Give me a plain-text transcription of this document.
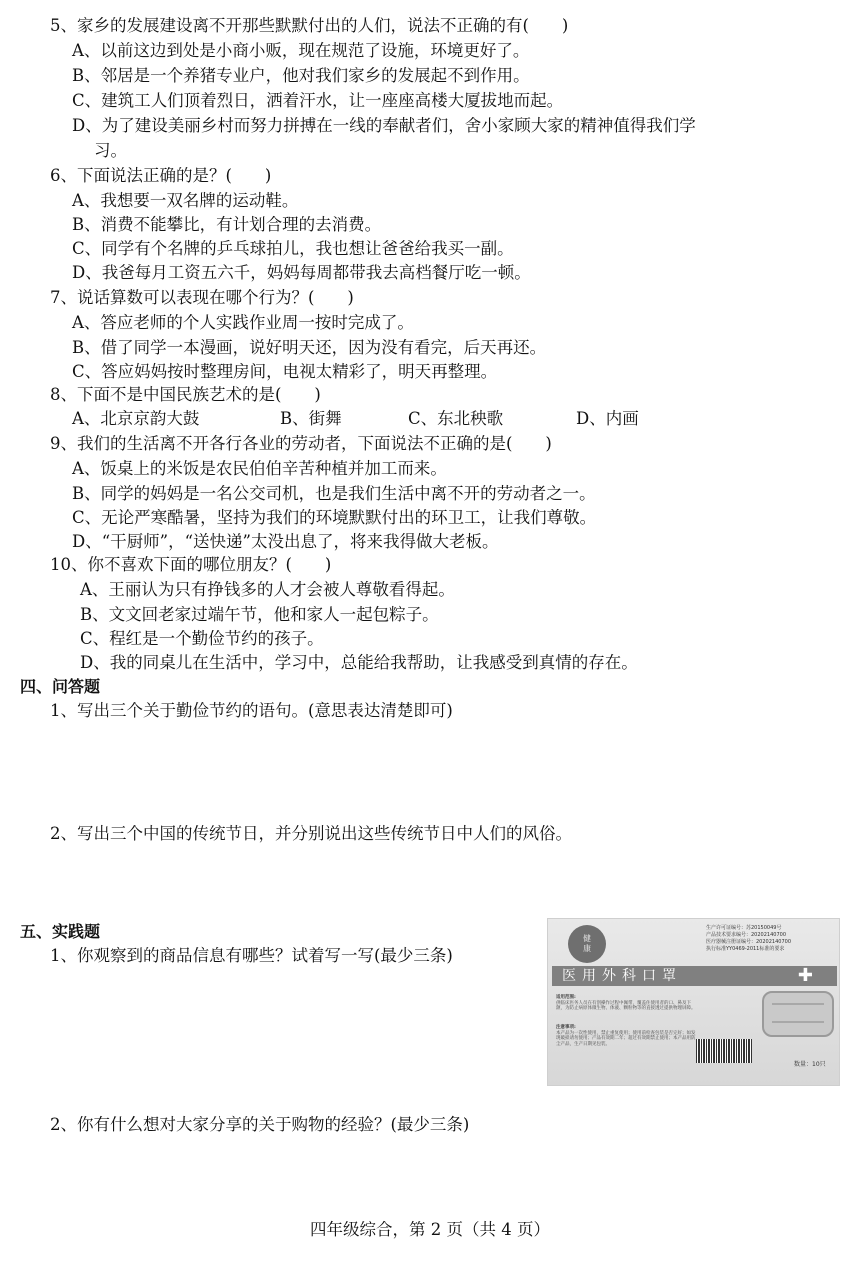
5、家乡的发展建设离不开那些默默付出的人们，说法不正确的有(　　)
A、以前这边到处是小商小贩，现在规范了设施，环境更好了。
B、邻居是一个养猪专业户，他对我们家乡的发展起不到作用。
C、建筑工人们顶着烈日，洒着汗水，让一座座高楼大厦拔地而起。
D、为了建设美丽乡村而努力拼搏在一线的奉献者们，舍小家顾大家的精神值得我们学
习。
6、下面说法正确的是？(　　)
A、我想要一双名牌的运动鞋。
B、消费不能攀比，有计划合理的去消费。
C、同学有个名牌的乒乓球拍儿，我也想让爸爸给我买一副。
D、我爸每月工资五六千，妈妈每周都带我去高档餐厅吃一顿。
7、说话算数可以表现在哪个行为？(　　)
A、答应老师的个人实践作业周一按时完成了。
B、借了同学一本漫画，说好明天还，因为没有看完，后天再还。
C、答应妈妈按时整理房间，电视太精彩了，明天再整理。
8、下面不是中国民族艺术的是(　　)
A、北京京韵大鼓	B、街舞	C、东北秧歌	D、内画
9、我们的生活离不开各行各业的劳动者，下面说法不正确的是(　　)
A、饭桌上的米饭是农民伯伯辛苦种植并加工而来。
B、同学的妈妈是一名公交司机，也是我们生活中离不开的劳动者之一。
C、无论严寒酷暑，坚持为我们的环境默默付出的环卫工，让我们尊敬。
D、“干厨师”，“送快递”太没出息了，将来我得做大老板。
10、你不喜欢下面的哪位朋友？(　　)
A、王丽认为只有挣钱多的人才会被人尊敬看得起。
B、文文回老家过端午节，他和家人一起包粽子。
C、程红是一个勤俭节约的孩子。
D、我的同桌儿在生活中，学习中，总能给我帮助，让我感受到真情的存在。
四、问答题
1、写出三个关于勤俭节约的语句。(意思表达清楚即可)
2、写出三个中国的传统节日，并分别说出这些传统节日中人们的风俗。
五、实践题
1、你观察到的商品信息有哪些？试着写一写(最少三条)
健
康
生产许可证编号：苏20150049号
产品技术要求编号：20202140700
医疗器械注册证编号：20202140700
执行标准YY0469-2011标准的要求
医用外科口罩	✚
适用范围:
供临床医务人员在有创操作过程中佩带，覆盖住使用者的口、鼻及下颌，为防止病原体微生物、体液、颗粒物等的直接透过提供物理屏障。
注意事项:
本产品为一次性使用，禁止重复使用；使用前检查包装是否完好；如发现破损请勿使用；产品有效期二年；超过有效期禁止使用；本产品用防尘产品，生产日期见包装。
数量：10只
2、你有什么想对大家分享的关于购物的经验？(最少三条)
四年级综合，第 2 页（共 4 页）
